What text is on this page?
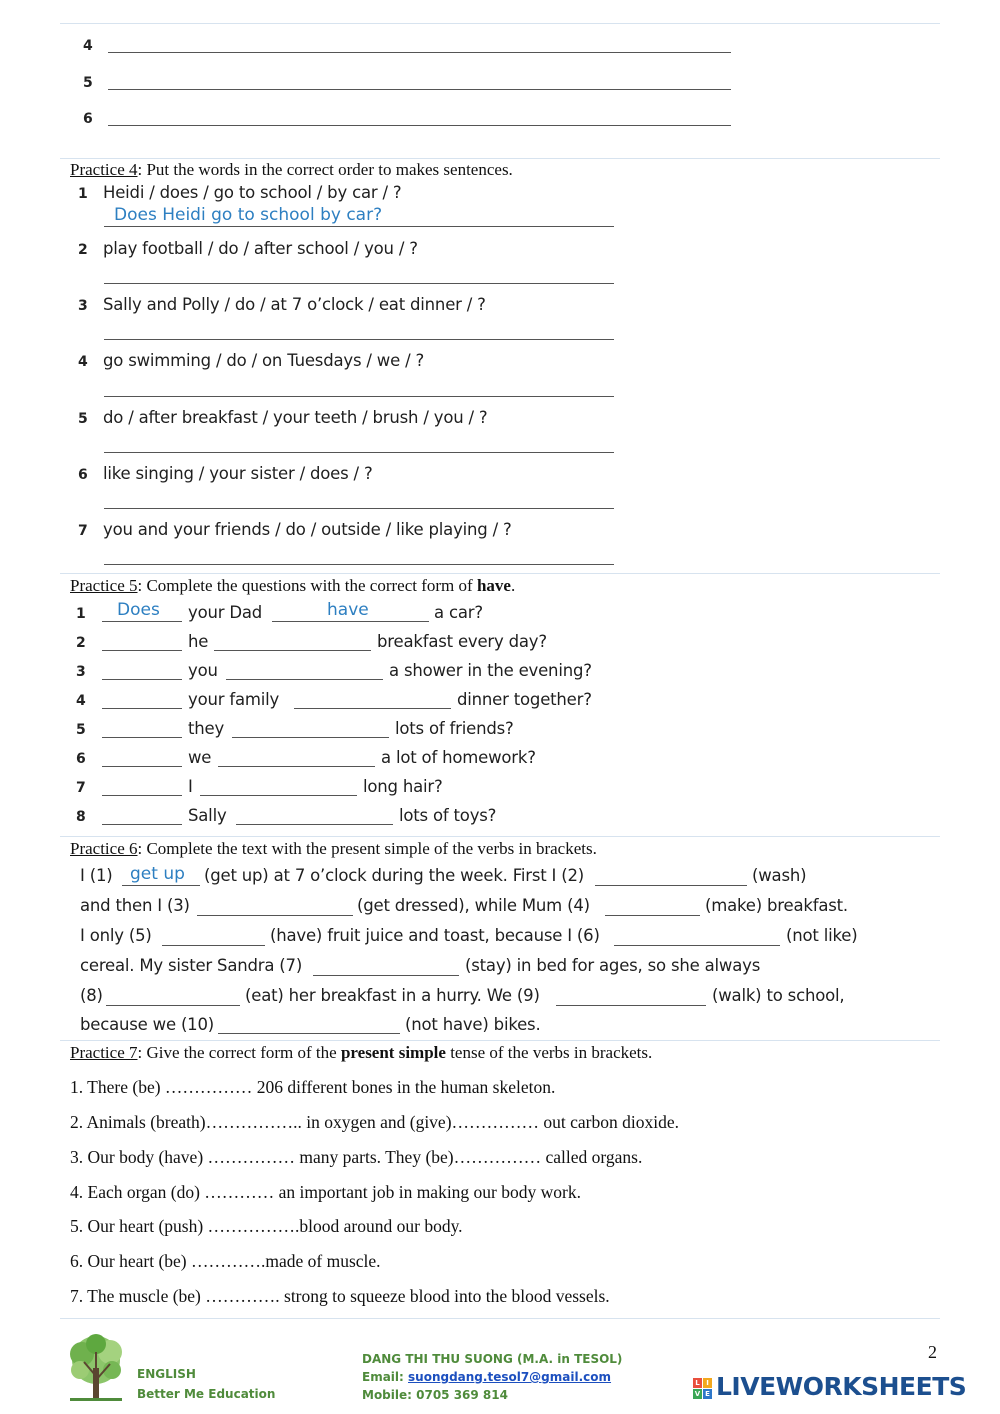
4
5
6
Practice 4: Put the words in the correct order to makes sentences.
1 Heidi / does / go to school / by car / ?
Does Heidi go to school by car?
2 play football / do / after school / you / ?
3 Sally and Polly / do / at 7 o’clock / eat dinner / ?
4 go swimming / do / on Tuesdays / we / ?
5 do / after breakfast / your teeth / brush / you / ?
6 like singing / your sister / does / ?
7 you and your friends / do / outside / like playing / ?
Practice 5: Complete the questions with the correct form of have.
1 Does your Dad	have	a car?
2	he	breakfast every day?
3	you	a shower in the evening?
4	your family	dinner together?
5	they	lots of friends?
6	we	a lot of homework?
7	I	long hair?
8	Sally	lots of toys?
Practice 6: Complete the text with the present simple of the verbs in brackets.
I (1) get up (get up) at 7 o’clock during the week. First I (2)	(wash)
and then I (3)	(get dressed), while Mum (4)	(make) breakfast.
I only (5)	(have) fruit juice and toast, because I (6)	(not like)
cereal. My sister Sandra (7)	(stay) in bed for ages, so she always
(8)	(eat) her breakfast in a hurry. We (9)	(walk) to school,
because we (10)	(not have) bikes.
Practice 7: Give the correct form of the present simple tense of the verbs in brackets.
1. There (be) …………… 206 different bones in the human skeleton.
2. Animals (breath)…………….. in oxygen and (give)…………… out carbon dioxide.
3. Our body (have) …………… many parts. They (be)…………… called organs.
4. Each organ (do) ………… an important job in making our body work.
5. Our heart (push) …………….blood around our body.
6. Our heart (be) ………….made of muscle.
7. The muscle (be) …………. strong to squeeze blood into the blood vessels.
ENGLISH
Better Me Education
DANG THI THU SUONG (M.A. in TESOL)
Email: suongdang.tesol7@gmail.com
Mobile: 0705 369 814
2
L I
V E LIVEWORKSHEETS
